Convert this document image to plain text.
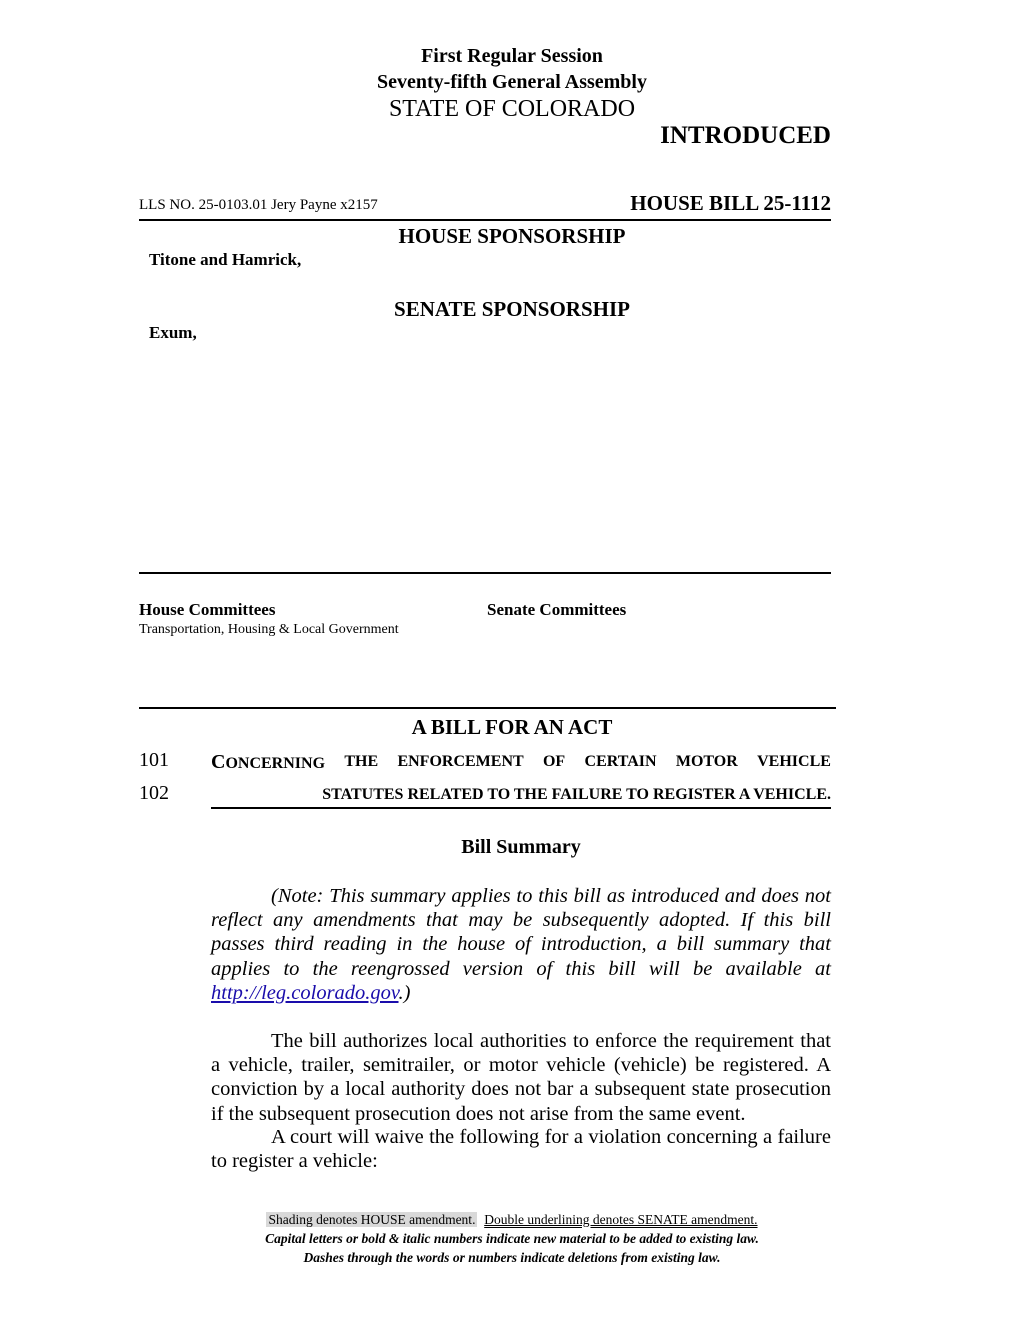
First Regular Session
Seventy-fifth General Assembly
STATE OF COLORADO
INTRODUCED
LLS NO. 25-0103.01 Jery Payne x2157	HOUSE BILL 25-1112
HOUSE SPONSORSHIP
Titone and Hamrick,
SENATE SPONSORSHIP
Exum,
House Committees
Transportation, Housing & Local Government
Senate Committees
A BILL FOR AN ACT
101 CONCERNING THE ENFORCEMENT OF CERTAIN MOTOR VEHICLE
102	STATUTES RELATED TO THE FAILURE TO REGISTER A VEHICLE.
Bill Summary
(Note: This summary applies to this bill as introduced and does not reflect any amendments that may be subsequently adopted. If this bill passes third reading in the house of introduction, a bill summary that applies to the reengrossed version of this bill will be available at http://leg.colorado.gov.)
The bill authorizes local authorities to enforce the requirement that a vehicle, trailer, semitrailer, or motor vehicle (vehicle) be registered. A conviction by a local authority does not bar a subsequent state prosecution if the subsequent prosecution does not arise from the same event.
A court will waive the following for a violation concerning a failure to register a vehicle:
Shading denotes HOUSE amendment. Double underlining denotes SENATE amendment.
Capital letters or bold & italic numbers indicate new material to be added to existing law.
Dashes through the words or numbers indicate deletions from existing law.
